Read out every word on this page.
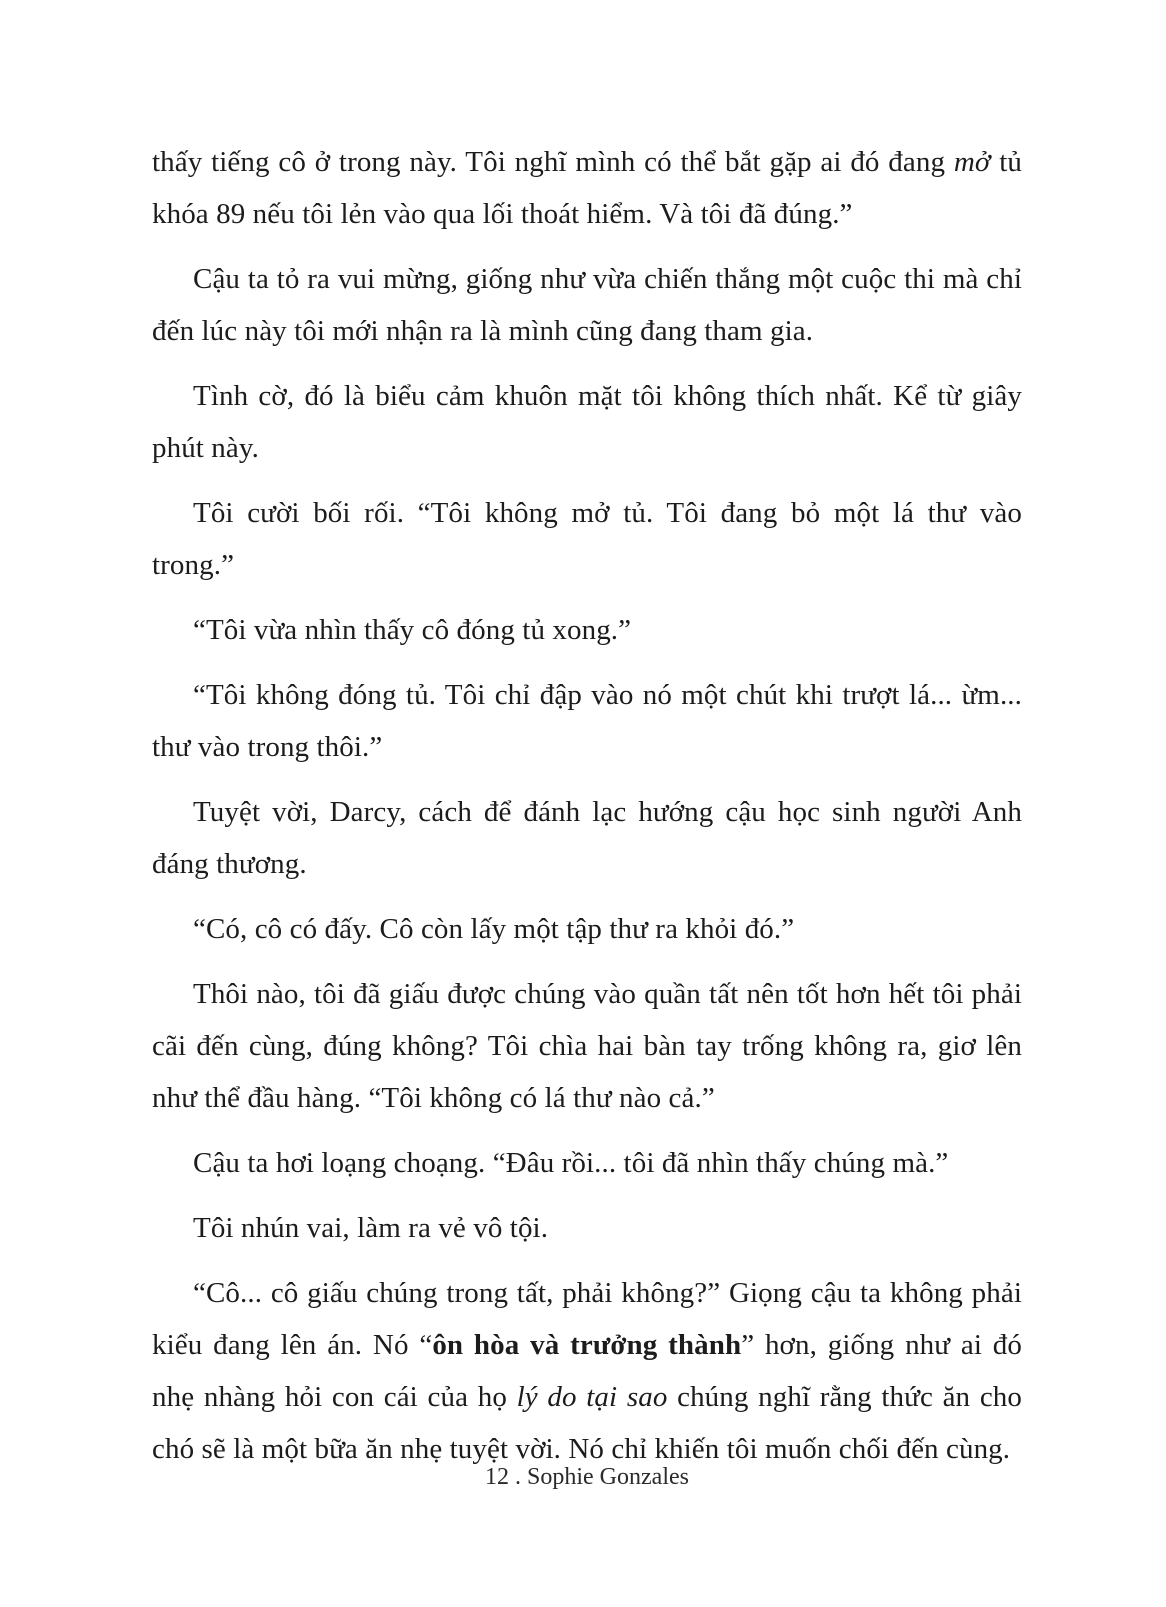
thấy tiếng cô ở trong này. Tôi nghĩ mình có thể bắt gặp ai đó đang mở tủ khóa 89 nếu tôi lẻn vào qua lối thoát hiểm. Và tôi đã đúng.”

Cậu ta tỏ ra vui mừng, giống như vừa chiến thắng một cuộc thi mà chỉ đến lúc này tôi mới nhận ra là mình cũng đang tham gia.

Tình cờ, đó là biểu cảm khuôn mặt tôi không thích nhất. Kể từ giây phút này.

Tôi cười bối rối. “Tôi không mở tủ. Tôi đang bỏ một lá thư vào trong.”

“Tôi vừa nhìn thấy cô đóng tủ xong.”

“Tôi không đóng tủ. Tôi chỉ đập vào nó một chút khi trượt lá... ừm... thư vào trong thôi.”

Tuyệt vời, Darcy, cách để đánh lạc hướng cậu học sinh người Anh đáng thương.

“Có, cô có đấy. Cô còn lấy một tập thư ra khỏi đó.”

Thôi nào, tôi đã giấu được chúng vào quần tất nên tốt hơn hết tôi phải cãi đến cùng, đúng không? Tôi chìa hai bàn tay trống không ra, giơ lên như thể đầu hàng. “Tôi không có lá thư nào cả.”

Cậu ta hơi loạng choạng. “Đâu rồi... tôi đã nhìn thấy chúng mà.”

Tôi nhún vai, làm ra vẻ vô tội.

“Cô... cô giấu chúng trong tất, phải không?” Giọng cậu ta không phải kiểu đang lên án. Nó “ôn hòa và trưởng thành” hơn, giống như ai đó nhẹ nhàng hỏi con cái của họ lý do tại sao chúng nghĩ rằng thức ăn cho chó sẽ là một bữa ăn nhẹ tuyệt vời. Nó chỉ khiến tôi muốn chối đến cùng.

12 . Sophie Gonzales
